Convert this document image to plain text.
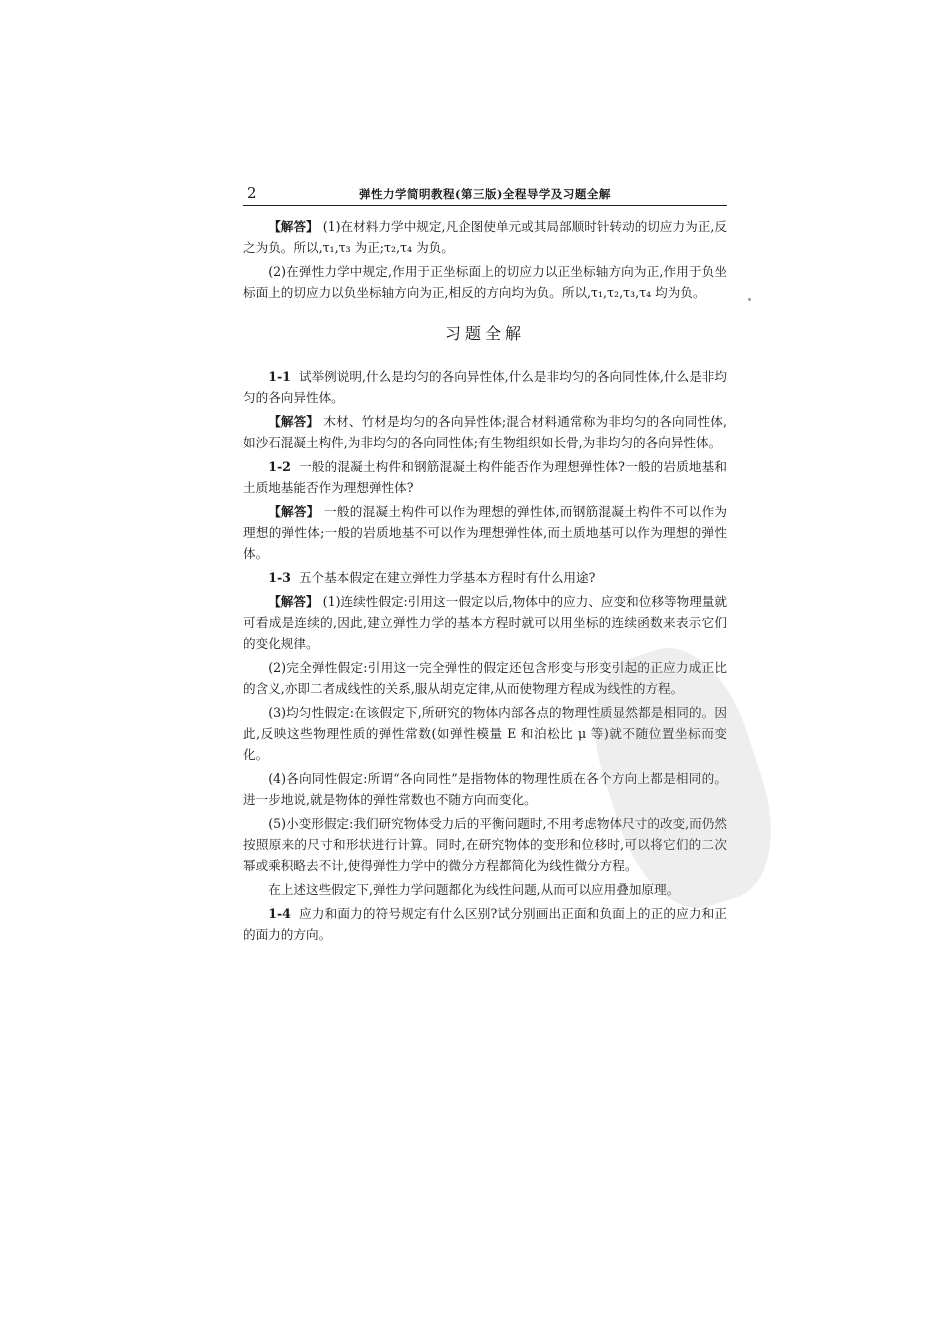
2	弹性力学简明教程(第三版)全程导学及习题全解

【解答】 (1)在材料力学中规定,凡企图使单元或其局部顺时针转动的切应力为正,反之为负。所以,τ₁,τ₃ 为正;τ₂,τ₄ 为负。

(2)在弹性力学中规定,作用于正坐标面上的切应力以正坐标轴方向为正,作用于负坐标面上的切应力以负坐标轴方向为正,相反的方向均为负。所以,τ₁,τ₂,τ₃,τ₄ 均为负。

习题全解

1-1 试举例说明,什么是均匀的各向异性体,什么是非均匀的各向同性体,什么是非均匀的各向异性体。

【解答】 木材、竹材是均匀的各向异性体;混合材料通常称为非均匀的各向同性体,如沙石混凝土构件,为非均匀的各向同性体;有生物组织如长骨,为非均匀的各向异性体。

1-2 一般的混凝土构件和钢筋混凝土构件能否作为理想弹性体?一般的岩质地基和土质地基能否作为理想弹性体?

【解答】 一般的混凝土构件可以作为理想的弹性体,而钢筋混凝土构件不可以作为理想的弹性体;一般的岩质地基不可以作为理想弹性体,而土质地基可以作为理想的弹性体。

1-3 五个基本假定在建立弹性力学基本方程时有什么用途?

【解答】 (1)连续性假定:引用这一假定以后,物体中的应力、应变和位移等物理量就可看成是连续的,因此,建立弹性力学的基本方程时就可以用坐标的连续函数来表示它们的变化规律。

(2)完全弹性假定:引用这一完全弹性的假定还包含形变与形变引起的正应力成正比的含义,亦即二者成线性的关系,服从胡克定律,从而使物理方程成为线性的方程。

(3)均匀性假定:在该假定下,所研究的物体内部各点的物理性质显然都是相同的。因此,反映这些物理性质的弹性常数(如弹性模量 E 和泊松比 μ 等)就不随位置坐标而变化。

(4)各向同性假定:所谓“各向同性”是指物体的物理性质在各个方向上都是相同的。进一步地说,就是物体的弹性常数也不随方向而变化。

(5)小变形假定:我们研究物体受力后的平衡问题时,不用考虑物体尺寸的改变,而仍然按照原来的尺寸和形状进行计算。同时,在研究物体的变形和位移时,可以将它们的二次幂或乘积略去不计,使得弹性力学中的微分方程都简化为线性微分方程。

在上述这些假定下,弹性力学问题都化为线性问题,从而可以应用叠加原理。

1-4 应力和面力的符号规定有什么区别?试分别画出正面和负面上的正的应力和正的面力的方向。
